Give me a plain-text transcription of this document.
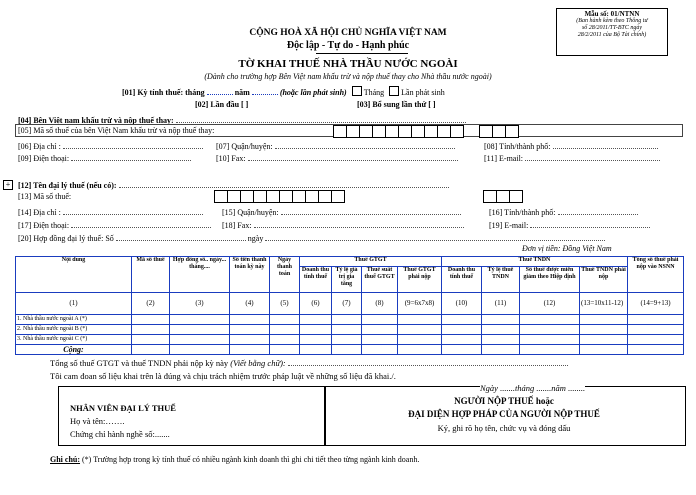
Mẫu số: 01/NTNN
(Ban hành kèm theo Thông tư
số 28/2011/TT-BTC ngày
28/2/2011 của Bộ Tài chính)
CỘNG HOÀ XÃ HỘI CHỦ NGHĨA VIỆT NAM
Độc lập - Tự do - Hạnh phúc
TỜ KHAI THUẾ NHÀ THẦU NƯỚC NGOÀI
(Dành cho trường hợp Bên Việt nam khấu trừ và nộp thuế thay cho Nhà thầu nước ngoài)
[01] Kỳ tính thuế: tháng	năm	(hoặc lần phát sinh) Tháng Lần phát sinh
[02] Lần đầu [ ]	[03] Bổ sung lần thứ [ ]
[04] Bên Việt nam khấu trừ và nộp thuế thay:
[05] Mã số thuế của bên Việt Nam khấu trừ và nộp thuế thay:
[06] Địa chỉ :	[07] Quận/huyện:	[08] Tỉnh/thành phố:
[09] Điện thoại:	[10] Fax:	[11] E-mail:
+ [12] Tên đại lý thuế (nếu có):
[13] Mã số thuế:
[14] Địa chỉ :	[15] Quận/huyện:	[16] Tỉnh/thành phố:
[17] Điện thoại:	[18] Fax:	[19] E-mail:
[20] Hợp đồng đại lý thuế: Số	ngày
Đơn vị tiền: Đồng Việt Nam
Nội dung	Mã số thuế	Hợp đồng số.. ngày... tháng....	Số tiền thanh toán kỳ này	Ngày thanh toán	Thuế GTGT				Thuế TNDN				Tổng số thuế phải nộp vào NSNN
					Doanh thu tính thuế	Tỷ lệ giá trị gia tăng	Thuế suất thuế GTGT	Thuế GTGT phải nộp	Doanh thu tính thuế	Tỷ lệ thuế TNDN	Số thuế được miễn giảm theo Hiệp định	Thuế TNDN phải nộp	
(1)	(2)	(3)	(4)	(5)	(6)	(7)	(8)	(9=6x7x8)	(10)	(11)	(12)	(13=10x11-12)	(14=9+13)
1. Nhà thầu nước ngoài A (*)													
2. Nhà thầu nước ngoài B (*)													
3. Nhà thầu nước ngoài C (*)													
Cộng:													
Tổng số thuế GTGT và thuế TNDN phải nộp kỳ này (Viết bằng chữ):
Tôi cam đoan số liệu khai trên là đúng và chịu trách nhiệm trước pháp luật về những số liệu đã khai./.
Ngày .......tháng .......năm ........
NHÂN VIÊN ĐẠI LÝ THUẾ
Họ và tên:…….
Chứng chỉ hành nghề số:.......
NGƯỜI NỘP THUẾ hoặc
ĐẠI DIỆN HỢP PHÁP CỦA NGƯỜI NỘP THUẾ
Ký, ghi rõ họ tên, chức vụ và đóng dấu
Ghi chú: (*) Trường hợp trong kỳ tính thuế có nhiều ngành kinh doanh thì ghi chi tiết theo từng ngành kinh doanh.
